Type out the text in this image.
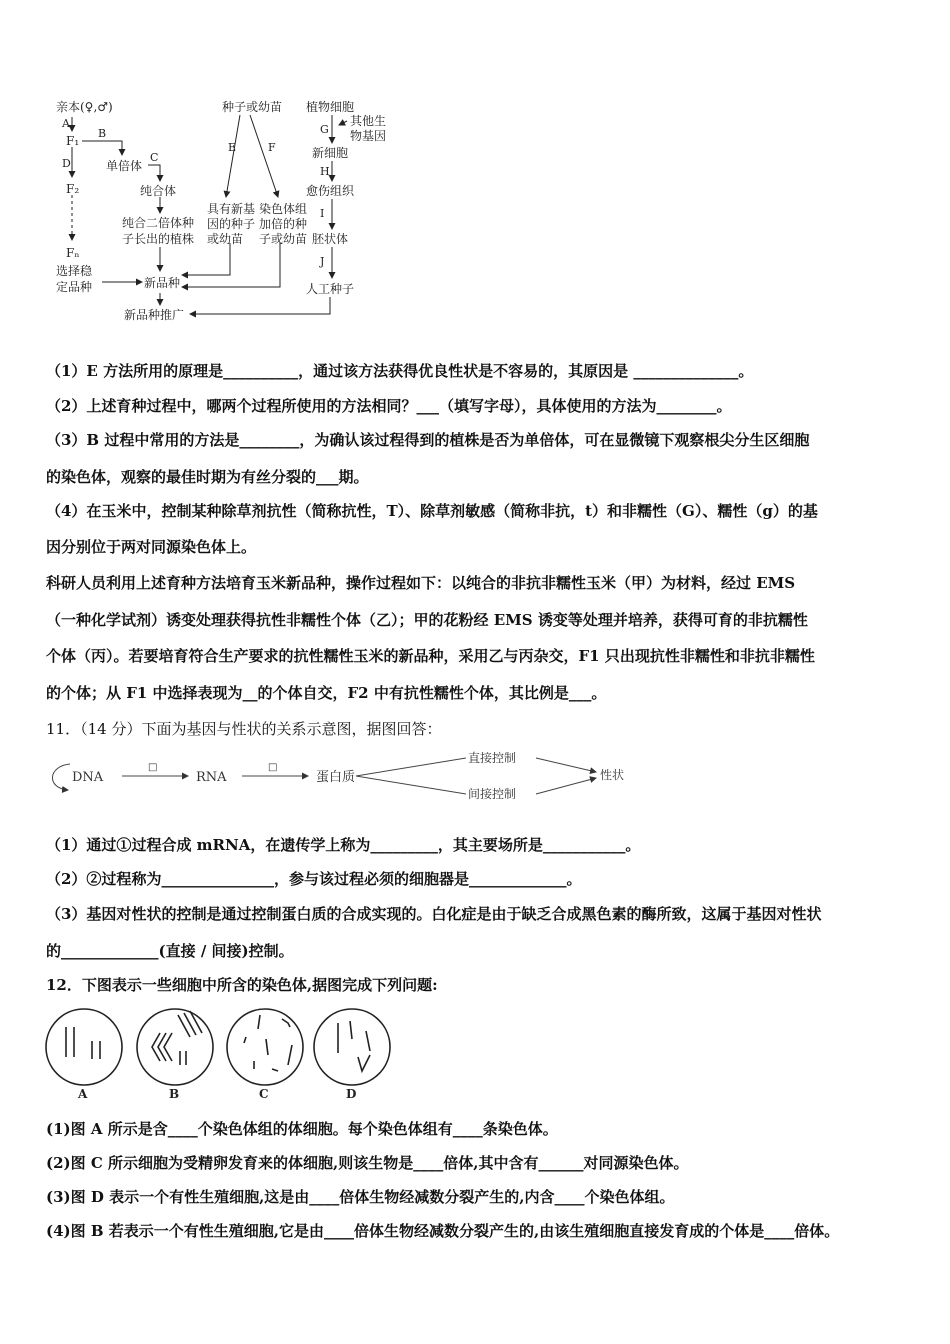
亲本(♀,♂)
A
F₁
B
单倍体
C
纯合体
D
F₂
纯合二倍体种
子长出的植株
Fₙ
选择稳
定品种
种子或幼苗
E	F
具有新基
因的种子
或幼苗
染色体组
加倍的种
子或幼苗
植物细胞
G
其他生
物基因
新细胞
H
愈伤组织
I
胚状体
J
人工种子
新品种
新品种推广
（1）E 方法所用的原理是__________，通过该方法获得优良性状是不容易的，其原因是 ______________。
（2）上述育种过程中，哪两个过程所使用的方法相同？___（填写字母），具体使用的方法为________。
（3）B 过程中常用的方法是________，为确认该过程得到的植株是否为单倍体，可在显微镜下观察根尖分生区细胞
的染色体，观察的最佳时期为有丝分裂的___期。
（4）在玉米中，控制某种除草剂抗性（简称抗性，T）、除草剂敏感（简称非抗，t）和非糯性（G）、糯性（g）的基
因分别位于两对同源染色体上。
科研人员利用上述育种方法培育玉米新品种，操作过程如下：以纯合的非抗非糯性玉米（甲）为材料，经过 EMS
（一种化学试剂）诱变处理获得抗性非糯性个体（乙）；甲的花粉经 EMS 诱变等处理并培养，获得可育的非抗糯性
个体（丙）。若要培育符合生产要求的抗性糯性玉米的新品种，采用乙与丙杂交，F1 只出现抗性非糯性和非抗非糯性
的个体；从 F1 中选择表现为__的个体自交，F2 中有抗性糯性个体，其比例是___。
11．（14 分）下面为基因与性状的关系示意图，据图回答：
DNA
□
RNA
□
蛋白质
直接控制
间接控制
性状
（1）通过①过程合成 mRNA，在遗传学上称为_________，其主要场所是___________。
（2）②过程称为_______________，参与该过程必须的细胞器是_____________。
（3）基因对性状的控制是通过控制蛋白质的合成实现的。白化症是由于缺乏合成黑色素的酶所致，这属于基因对性状
的_____________(直接 / 间接)控制。
12．下图表示一些细胞中所含的染色体,据图完成下列问题:
A	B	C	D
(1)图 A 所示是含____个染色体组的体细胞。每个染色体组有____条染色体。
(2)图 C 所示细胞为受精卵发育来的体细胞,则该生物是____倍体,其中含有______对同源染色体。
(3)图 D 表示一个有性生殖细胞,这是由____倍体生物经减数分裂产生的,内含____个染色体组。
(4)图 B 若表示一个有性生殖细胞,它是由____倍体生物经减数分裂产生的,由该生殖细胞直接发育成的个体是____倍体。
